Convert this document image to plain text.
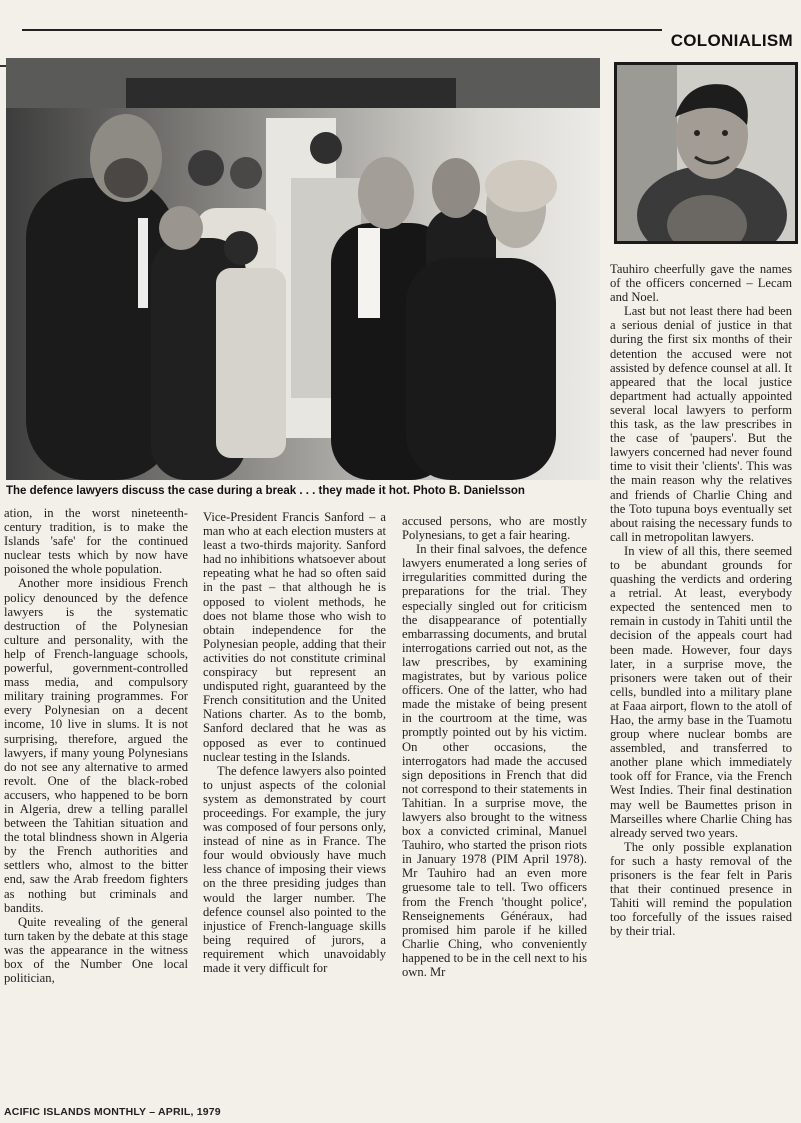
COLONIALISM
The defence lawyers discuss the case during a break . . . they made it hot. Photo B. Danielsson

ation, in the worst nineteenth-century tradition, is to make the Islands 'safe' for the continued nuclear tests which by now have poisoned the whole population.

Another more insidious French policy denounced by the defence lawyers is the systematic destruction of the Polynesian culture and personality, with the help of French-language schools, powerful, government-controlled mass media, and compulsory military training programmes. For every Polynesian on a decent income, 10 live in slums. It is not surprising, therefore, argued the lawyers, if many young Polynesians do not see any alternative to armed revolt. One of the black-robed accusers, who happened to be born in Algeria, drew a telling parallel between the Tahitian situation and the total blindness shown in Algeria by the French authorities and settlers who, almost to the bitter end, saw the Arab freedom fighters as nothing but criminals and bandits.

Quite revealing of the general turn taken by the debate at this stage was the appearance in the witness box of the Number One local politician,

Vice-President Francis Sanford – a man who at each election musters at least a two-thirds majority. Sanford had no inhibitions whatsoever about repeating what he had so often said in the past – that although he is opposed to violent methods, he does not blame those who wish to obtain independence for the Polynesian people, adding that their activities do not constitute criminal conspiracy but represent an undisputed right, guaranteed by the French consititution and the United Nations charter. As to the bomb, Sanford declared that he was as opposed as ever to continued nuclear testing in the Islands.

The defence lawyers also pointed to unjust aspects of the colonial system as demonstrated by court proceedings. For example, the jury was composed of four persons only, instead of nine as in France. The four would obviously have much less chance of imposing their views on the three presiding judges than would the larger number. The defence counsel also pointed to the injustice of French-language skills being required of jurors, a requirement which unavoidably made it very difficult for

accused persons, who are mostly Polynesians, to get a fair hearing.

In their final salvoes, the defence lawyers enumerated a long series of irregularities committed during the preparations for the trial. They especially singled out for criticism the disappearance of potentially embarrassing documents, and brutal interrogations carried out not, as the law prescribes, by examining magistrates, but by various police officers. One of the latter, who had made the mistake of being present in the courtroom at the time, was promptly pointed out by his victim. On other occasions, the interrogators had made the accused sign depositions in French that did not correspond to their statements in Tahitian. In a surprise move, the lawyers also brought to the witness box a convicted criminal, Manuel Tauhiro, who started the prison riots in January 1978 (PIM April 1978). Mr Tauhiro had an even more gruesome tale to tell. Two officers from the French 'thought police', Renseignements Généraux, had promised him parole if he killed Charlie Ching, who conveniently happened to be in the cell next to his own. Mr

Tauhiro cheerfully gave the names of the officers concerned – Lecam and Noel.

Last but not least there had been a serious denial of justice in that during the first six months of their detention the accused were not assisted by defence counsel at all. It appeared that the local justice department had actually appointed several local lawyers to perform this task, as the law prescribes in the case of 'paupers'. But the lawyers concerned had never found time to visit their 'clients'. This was the main reason why the relatives and friends of Charlie Ching and the Toto tupuna boys eventually set about raising the necessary funds to call in metropolitan lawyers.

In view of all this, there seemed to be abundant grounds for quashing the verdicts and ordering a retrial. At least, everybody expected the sentenced men to remain in custody in Tahiti until the decision of the appeals court had been made. However, four days later, in a surprise move, the prisoners were taken out of their cells, bundled into a military plane at Faaa airport, flown to the atoll of Hao, the army base in the Tuamotu group where nuclear bombs are assembled, and transferred to another plane which immediately took off for France, via the French West Indies. Their final destination may well be Baumettes prison in Marseilles where Charlie Ching has already served two years.

The only possible explanation for such a hasty removal of the prisoners is the fear felt in Paris that their continued presence in Tahiti will remind the population too forcefully of the issues raised by their trial.

ACIFIC ISLANDS MONTHLY – APRIL, 1979
